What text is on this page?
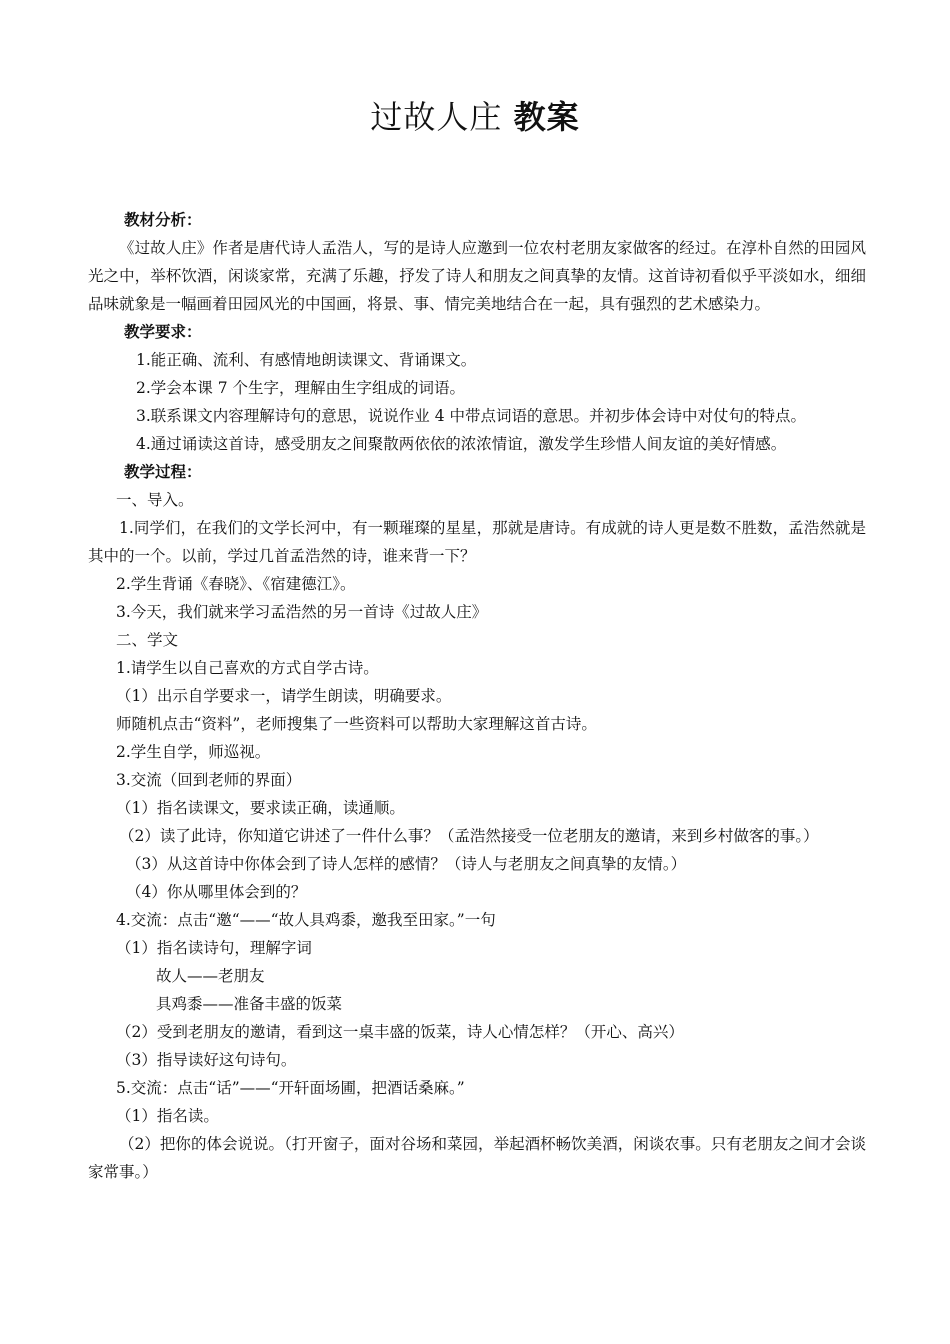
过故人庄 教案
教材分析：
《过故人庄》作者是唐代诗人孟浩人，写的是诗人应邀到一位农村老朋友家做客的经过。在淳朴自然的田园风光之中，举杯饮酒，闲谈家常，充满了乐趣，抒发了诗人和朋友之间真挚的友情。这首诗初看似乎平淡如水，细细品味就象是一幅画着田园风光的中国画，将景、事、情完美地结合在一起，具有强烈的艺术感染力。
教学要求：
1.能正确、流利、有感情地朗读课文、背诵课文。
2.学会本课 7 个生字，理解由生字组成的词语。
3.联系课文内容理解诗句的意思，说说作业 4 中带点词语的意思。并初步体会诗中对仗句的特点。
4.通过诵读这首诗，感受朋友之间聚散两依依的浓浓情谊，激发学生珍惜人间友谊的美好情感。
教学过程：
一、导入。
1.同学们，在我们的文学长河中，有一颗璀璨的星星，那就是唐诗。有成就的诗人更是数不胜数，孟浩然就是其中的一个。以前，学过几首孟浩然的诗，谁来背一下？
2.学生背诵《春晓》、《宿建德江》。
3.今天，我们就来学习孟浩然的另一首诗《过故人庄》
二、学文
1.请学生以自己喜欢的方式自学古诗。
（1）出示自学要求一，请学生朗读，明确要求。
师随机点击“资料”，老师搜集了一些资料可以帮助大家理解这首古诗。
2.学生自学，师巡视。
3.交流（回到老师的界面）
（1）指名读课文，要求读正确，读通顺。
（2）读了此诗，你知道它讲述了一件什么事？（孟浩然接受一位老朋友的邀请，来到乡村做客的事。）
（3）从这首诗中你体会到了诗人怎样的感情？（诗人与老朋友之间真挚的友情。）
（4）你从哪里体会到的？
4.交流：点击“邀“——“故人具鸡黍，邀我至田家。”一句
（1）指名读诗句，理解字词
故人——老朋友
具鸡黍——准备丰盛的饭菜
（2）受到老朋友的邀请，看到这一桌丰盛的饭菜，诗人心情怎样？（开心、高兴）
（3）指导读好这句诗句。
5.交流：点击“话”——“开轩面场圃，把酒话桑麻。”
（1）指名读。
（2）把你的体会说说。（打开窗子，面对谷场和菜园，举起酒杯畅饮美酒，闲谈农事。只有老朋友之间才会谈家常事。）
